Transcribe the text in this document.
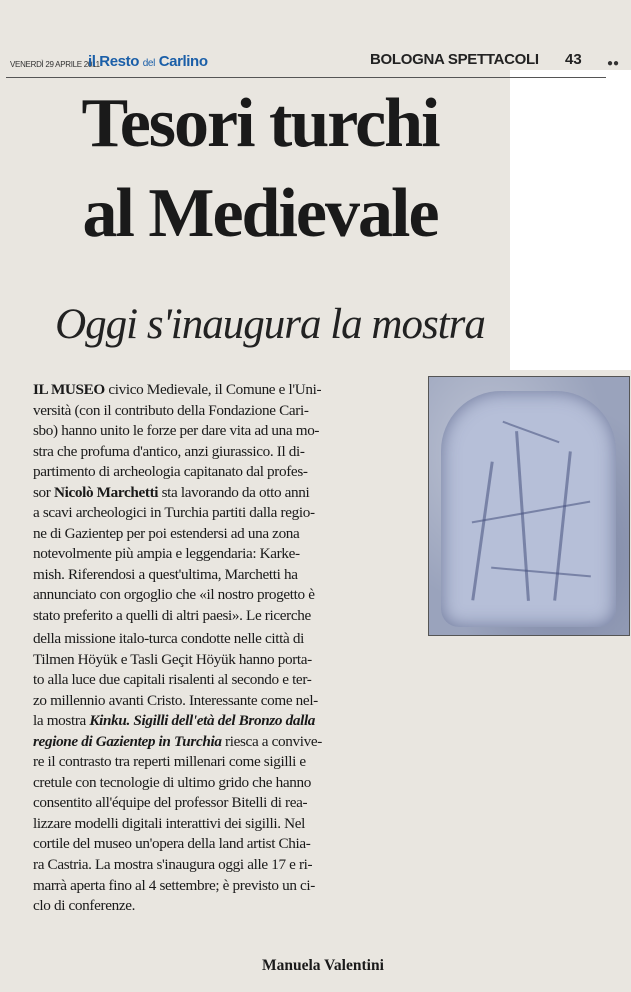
VENERDÌ 29 APRILE 2011
il Resto del Carlino	BOLOGNA SPETTACOLI 43	●●
Tesori turchi
al Medievale
Oggi s'inaugura la mostra
IL MUSEO civico Medievale, il Comune e l'Uni-
versità (con il contributo della Fondazione Cari-
sbo) hanno unito le forze per dare vita ad una mo-
stra che profuma d'antico, anzi giurassico. Il di-
partimento di archeologia capitanato dal profes-
sor Nicolò Marchetti sta lavorando da otto anni
a scavi archeologici in Turchia partiti dalla regio-
ne di Gazientep per poi estendersi ad una zona
notevolmente più ampia e leggendaria: Karke-
mish. Riferendosi a quest'ultima, Marchetti ha
annunciato con orgoglio che «il nostro progetto è
stato preferito a quelli di altri paesi». Le ricerche
della missione italo-turca condotte nelle città di
Tilmen Höyük e Tasli Geçit Höyük hanno porta-
to alla luce due capitali risalenti al secondo e ter-
zo millennio avanti Cristo. Interessante come nel-
la mostra Kinku. Sigilli dell'età del Bronzo dalla
regione di Gazientep in Turchia riesca a convive-
re il contrasto tra reperti millenari come sigilli e
cretule con tecnologie di ultimo grido che hanno
consentito all'équipe del professor Bitelli di rea-
lizzare modelli digitali interattivi dei sigilli. Nel
cortile del museo un'opera della land artist Chia-
ra Castria. La mostra s'inaugura oggi alle 17 e ri-
marrà aperta fino al 4 settembre; è previsto un ci-
clo di conferenze.
Manuela Valentini
